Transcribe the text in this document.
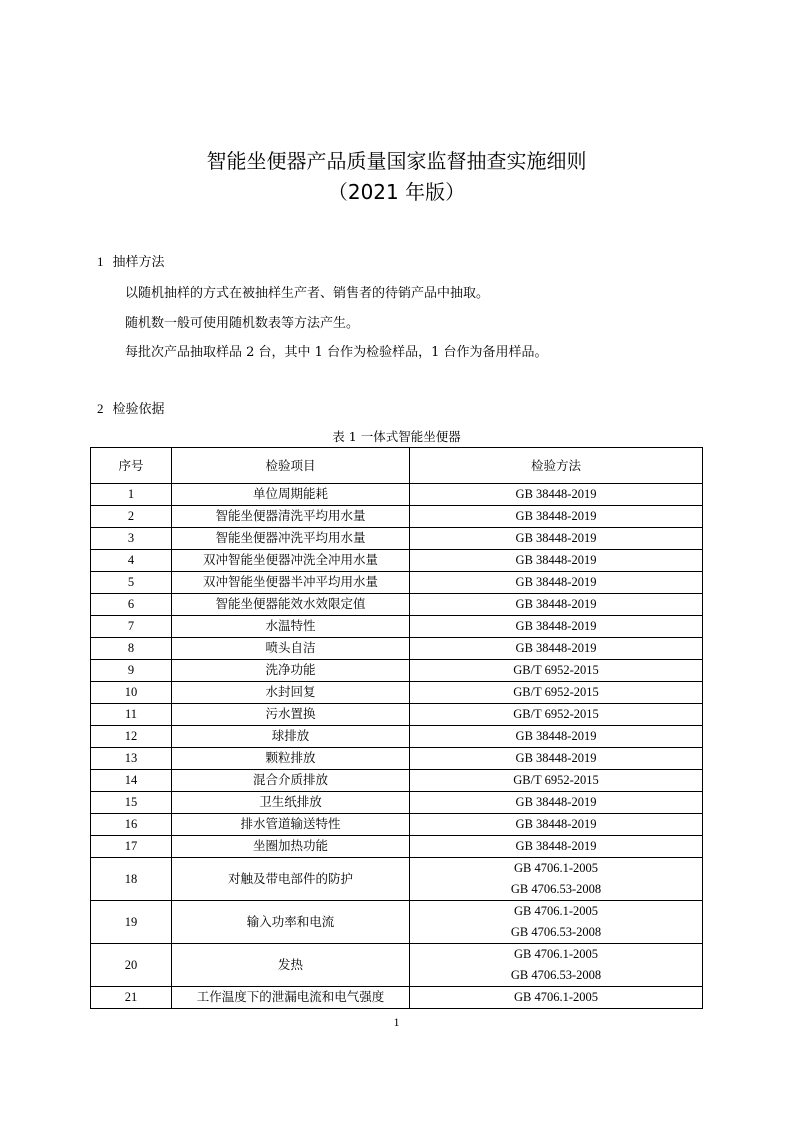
智能坐便器产品质量国家监督抽查实施细则
（2021 年版）
1 抽样方法
以随机抽样的方式在被抽样生产者、销售者的待销产品中抽取。
随机数一般可使用随机数表等方法产生。
每批次产品抽取样品 2 台，其中 1 台作为检验样品，1 台作为备用样品。
2 检验依据
表 1 一体式智能坐便器
序号	检验项目	检验方法
1	单位周期能耗	GB 38448-2019

2	智能坐便器清洗平均用水量	GB 38448-2019

3	智能坐便器冲洗平均用水量	GB 38448-2019

4	双冲智能坐便器冲洗全冲用水量	GB 38448-2019

5	双冲智能坐便器半冲平均用水量	GB 38448-2019

6	智能坐便器能效水效限定值	GB 38448-2019

7	水温特性	GB 38448-2019

8	喷头自洁	GB 38448-2019

9	洗净功能	GB/T 6952-2015

10	水封回复	GB/T 6952-2015

11	污水置换	GB/T 6952-2015

12	球排放	GB 38448-2019

13	颗粒排放	GB 38448-2019

14	混合介质排放	GB/T 6952-2015

15	卫生纸排放	GB 38448-2019

16	排水管道输送特性	GB 38448-2019

17	坐圈加热功能	GB 38448-2019

18	对触及带电部件的防护	GB 4706.1-2005
GB 4706.53-2008

19	输入功率和电流	GB 4706.1-2005
GB 4706.53-2008

20	发热	GB 4706.1-2005
GB 4706.53-2008

21	工作温度下的泄漏电流和电气强度	GB 4706.1-2005
1
